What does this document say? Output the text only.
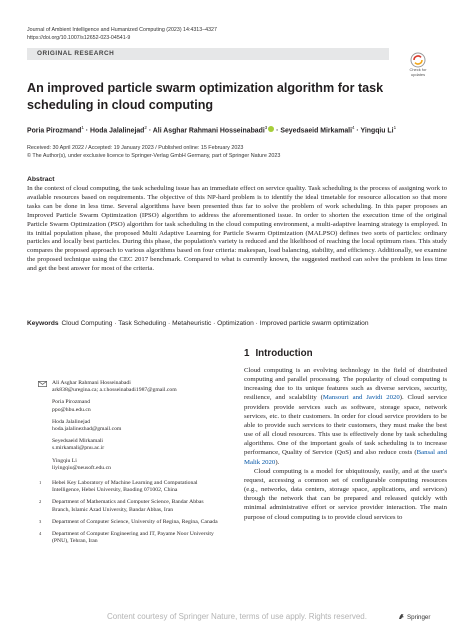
Journal of Ambient Intelligence and Humanized Computing (2023) 14:4313–4327
https://doi.org/10.1007/s12652-023-04541-9
ORIGINAL RESEARCH
Check for
updates
An improved particle swarm optimization algorithm for task scheduling in cloud computing
Poria Pirozmand$^1$ · Hoda Jalalinejad$^2$ · Ali Asghar Rahmani Hosseinabadi$^3$ · Seyedsaeid Mirkamali$^4$ · Yingqiu Li$^1$
Received: 30 April 2022 / Accepted: 19 January 2023 / Published online: 15 February 2023
© The Author(s), under exclusive licence to Springer-Verlag GmbH Germany, part of Springer Nature 2023
Abstract

In the context of cloud computing, the task scheduling issue has an immediate effect on service quality. Task scheduling is the process of assigning work to available resources based on requirements. The objective of this NP-hard problem is to identify the ideal timetable for resource allocation so that more tasks can be done in less time. Several algorithms have been presented thus far to solve the problem of work scheduling. In this paper proposes an Improved Particle Swarm Optimization (IPSO) algorithm to address the aforementioned issue. In order to shorten the execution time of the original Particle Swarm Optimization (PSO) algorithm for task scheduling in the cloud computing environment, a multi-adaptive learning strategy is employed. In its initial population phase, the proposed Multi Adaptive Learning for Particle Swarm Optimization (MALPSO) defines two sorts of particles: ordinary particles and locally best particles. During this phase, the population's variety is reduced and the likelihood of reaching the local optimum rises. This study compares the proposed approach to various algorithms based on four criteria: makespan, load balancing, stability, and efficiency. Additionally, we examine the proposed technique using the CEC 2017 benchmark. Compared to what is currently known, the suggested method can solve the problem in less time and get the best answer for most of the criteria.

Keywords Cloud Computing · Task Scheduling · Metaheuristic · Optimization · Improved particle swarm optimization
Ali Asghar Rahmani Hosseinabadi
ark838@uregina.ca; a.r.hosseinabadi1987@gmail.com
Poria Pirozmand
ppo@hbu.edu.cn
Hoda Jalalinejad
hoda.jalalinezhad@gmail.com
Seyedsaeid Mirkamali
s.mirkamali@pnu.ac.ir
Yingqiu Li
liyingqiu@neusoft.edu.cn
1 Hebei Key Laboratory of Machine Learning and Computational Intelligence, Hebei University, Baoding 071002, China
2 Department of Mathematics and Computer Science, Bandar Abbas Branch, Islamic Azad University, Bandar Abbas, Iran
3 Department of Computer Science, University of Regina, Regina, Canada
4 Department of Computer Engineering and IT, Payame Noor University (PNU), Tehran, Iran
1 Introduction

Cloud computing is an evolving technology in the field of distributed computing and parallel processing. The popularity of cloud computing is increasing due to its unique features such as diverse services, security, resilience, and scalability (Mansouri and Javidi 2020). Cloud service providers provide services such as software, storage space, network services, etc. to their customers. In order for cloud service providers to be able to provide such services to their customers, they must make the best use of all cloud resources. This use is effectively done by task scheduling algorithms. One of the important goals of task scheduling is to increase performance, Quality of Service (QoS) and also reduce costs (Bansal and Malik 2020).

Cloud computing is a model for ubiquitously, easily, and at the user's request, accessing a common set of configurable computing resources (e.g., networks, data centers, storage space, applications, and services) through the network that can be prepared and released quickly with minimal administrative effort or service provider interaction. The main purpose of cloud computing is to provide cloud services to

Springer
Content courtesy of Springer Nature, terms of use apply. Rights reserved.
